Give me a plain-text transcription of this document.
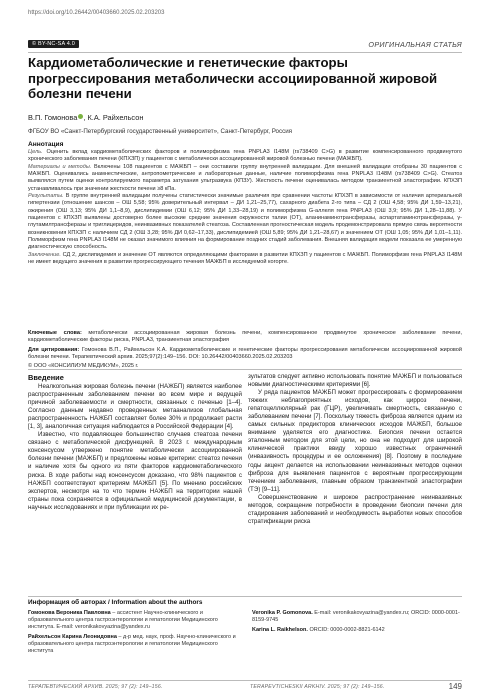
https://doi.org/10.26442/00403660.2025.02.203203
© BY-NC-SA 4.0	ОРИГИНАЛЬНАЯ СТАТЬЯ
Кардиометаболические и генетические факторы прогрессирования метаболически ассоциированной жировой болезни печени
В.П. Гомонова , К.А. Райхельсон
ФГБОУ ВО «Санкт-Петербургский государственный университет», Санкт-Петербург, Россия

Аннотация

Цель. Оценить вклад кардиометаболических факторов и полиморфизма гена PNPLA3 I148M (rs738409 C>G) в развитие компенсированного продвинутого хронического заболевания печени (КПХЗП) у пациентов с метаболически ассоциированной жировой болезнью печени (МАЖБП).

Материалы и методы. Включены 108 пациентов с МАЖБП – они составили группу внутренней валидации. Для внешней валидации отобраны 30 пациентов с МАЖБП. Оценивались анамнестические, антропометрические и лабораторные данные, наличие полиморфизма гена PNPLA3 I148M (rs738409 C>G). Стеатоз выявлялся путем оценки контролируемого параметра затухания ультразвука (КПЗУ). Жесткость печени оценивалась методом транзиентной эластографии. КПХЗП устанавливалось при значении жесткости печени ≥8 кПа.

Результаты. В группе внутренней валидации получены статистически значимые различия при сравнении частоты КПХЗП в зависимости от наличия артериальной гипертензии (отношение шансов – ОШ 5,58; 95% доверительный интервал – ДИ 1,21–25,77), сахарного диабета 2-го типа – СД 2 (ОШ 4,58; 95% ДИ 1,59–13,21), ожирения (ОШ 3,13; 95% ДИ 1,1–8,9), дислипидемии (ОШ 6,12; 95% ДИ 1,33–28,19) и полиморфизма G-аллеля гена PNPLA3 (ОШ 3,9; 95% ДИ 1,28–11,88). У пациентов с КПХЗП выявлены достоверно более высокие средние значения окружности талии (ОТ), аланинаминотрансферазы, аспартатаминотрансферазы, γ-глутамилтрансферазы и триглицеридов, неинвазивных показателей стеатоза. Составленная прогностическая модель продемонстрировала прямую связь вероятности возникновения КПХЗП с наличием СД 2 (ОШ 3,28; 95% ДИ 0,62–17,33), дислипидемией (ОШ 5,89; 95% ДИ 1,21–28,67) и значением ОТ (ОШ 1,05; 95% ДИ 1,01–1,11). Полиморфизм гена PNPLA3 I148M не оказал значимого влияния на формирование поздних стадий заболевания. Внешняя валидация модели показала ее умеренную диагностическую способность.

Заключение. СД 2, дислипидемия и значение ОТ являются определяющими факторами в развитии КПХЗП у пациентов с МАЖБП. Полиморфизм гена PNPLA3 I148M не имеет ведущего значения в развитии прогрессирующего течения МАЖБП в исследуемой когорте.

Ключевые слова: метаболически ассоциированная жировая болезнь печени, компенсированное продвинутое хроническое заболевание печени, кардиометаболические факторы риска, PNPLA3, транзиентная эластография

Для цитирования: Гомонова В.П., Райхельсон К.А. Кардиометаболические и генетические факторы прогрессирования метаболически ассоциированной жировой болезни печени. Терапевтический архив. 2025;97(2):149–156. DOI: 10.26442/00403660.2025.02.203203

© ООО «КОНСИЛИУМ МЕДИКУМ», 2025 г.

Введение

Неалкогольная жировая болезнь печени (НАЖБП) является наиболее распространенным заболеванием печени во всем мире и ведущей причиной заболеваемости и смертности, связанных с печенью [1–4]. Согласно данным недавно проведенных метаанализов глобальная распространенность НАЖБП составляет более 30% и продолжает расти [1, 3], аналогичная ситуация наблюдается в Российской Федерации [4].

Известно, что подавляющее большинство случаев стеатоза печени связано с метаболической дисфункцией. В 2023 г. международным консенсусом утвержено понятие метаболически ассоциированной болезни печени (МАЖБП) и предложены новые критерии: стеатоз печени и наличие хотя бы одного из пяти факторов кардиометаболического риска. В ходе работы над консенсусом доказано, что 98% пациентов с НАЖБП соответствуют критериям МАЖБП [5]. По мнению российских экспертов, несмотря на то что термин НАЖБП на территории нашей страны пока сохраняется в официальной медицинской документации, в научных исследованиях и при публикации их ре-

зультатов следует активно использовать понятие МАЖБП и пользоваться новыми диагностическими критериями [6].

У ряда пациентов МАЖБП может прогрессировать с формированием тяжких неблагоприятных исходов, как цирроз печени, гепатоцеллюлярный рак (ГЦР), увеличивать смертность, связанную с заболеванием печени [7]. Поскольку тяжесть фиброза является одним из самых сильных предикторов клинических исходов МАЖБП, большое внимание уделяется его диагностике. Биопсия печени остается эталонным методом для этой цели, но она не подходит для широкой клинической практики ввиду хорошо известных ограничений (инвазивность процедуры и ее осложнения) [8]. Поэтому в последние годы акцент делается на использовании неинвазивных методов оценки фиброза для выявления пациентов с вероятным прогрессирующим течением заболевания, главным образом транзиентной эластографии (ТЭ) [9–11].

Совершенствование и широкое распространение неинвазивных методов, сокращение потребности в проведении биопсии печени для стадирования заболеваний и необходимость выработки новых способов стратификации риска

Информация об авторах / Information about the authors

Гомонова Вероника Павловна – ассистент Научно-клинического и образовательного центра гастроэнтерологии и гепатологии Медицинского института. E-mail: veronikakovyazina@yandex.ru

Райхельсон Карина Леонидовна – д-р мед. наук, проф. Научно-клинического и образовательного центра гастроэнтерологии и гепатологии Медицинского института

Veronika P. Gomonova. E-mail: veronikakovyazina@yandex.ru; ORCID: 0000-0001-8159-9745

Karina L. Raikhelson. ORCID: 0000-0002-8821-6142

ТЕРАПЕВТИЧЕСКИЙ АРХИВ. 2025; 97 (2): 149–156.	TERAPEVTICHESKII ARKHIV. 2025; 97 (2): 149–156.	149
